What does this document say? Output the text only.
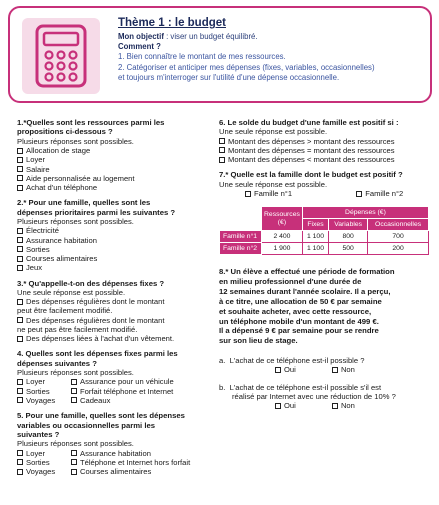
Thème 1 : le budget
Mon objectif : viser un budget équilibré.
Comment ?
1. Bien connaître le montant de mes ressources.
2. Catégoriser et anticiper mes dépenses (fixes, variables, occasionnelles)
et toujours m'interroger sur l'utilité d'une dépense occasionnelle.
1.*Quelles sont les ressources parmi les
propositions ci-dessous ?
Plusieurs réponses sont possibles.
Allocation de stage
Loyer
Salaire
Aide personnalisée au logement
Achat d'un téléphone
2.* Pour une famille, quelles sont les
dépenses prioritaires parmi les suivantes ?
Plusieurs réponses sont possibles.
Électricité
Assurance habitation
Sorties
Courses alimentaires
Jeux
3.* Qu'appelle-t-on des dépenses fixes ?
Une seule réponse est possible.
Des dépenses régulières dont le montant
peut être facilement modifié.
Des dépenses régulières dont le montant
ne peut pas être facilement modifié.
Des dépenses liées à l'achat d'un vêtement.
4. Quelles sont les dépenses fixes parmi les
dépenses suivantes ?
Plusieurs réponses sont possibles.
Loyer	Assurance pour un véhicule
Sorties	Forfait téléphone et Internet
Voyages	Cadeaux
5. Pour une famille, quelles sont les dépenses
variables ou occasionnelles parmi les
suivantes ?
Plusieurs réponses sont possibles.
Loyer	Assurance habitation
Sorties	Téléphone et Internet hors forfait
Voyages	Courses alimentaires
6. Le solde du budget d'une famille est positif si :
Une seule réponse est possible.
Montant des dépenses > montant des ressources
Montant des dépenses = montant des ressources
Montant des dépenses < montant des ressources
7.* Quelle est la famille dont le budget est positif ?
Une seule réponse est possible.
Famille n°1	Famille n°2

	Ressources
(€)	Dépenses (€)		
		Fixes	Variables	Occasionnelles
Famille n°1	2 400	1 100	800	700
Famille n°2	1 900	1 100	500	200
8.* Un élève a effectué une période de formation
en milieu professionnel d'une durée de
12 semaines durant l'année scolaire. Il a perçu,
à ce titre, une allocation de 50 € par semaine
et souhaite acheter, avec cette ressource,
un téléphone mobile d'un montant de 499 €.
Il a dépensé 9 € par semaine pour se rendre
sur son lieu de stage.
a. L'achat de ce téléphone est-il possible ?
Oui	Non
b. L'achat de ce téléphone est-il possible s'il est
réalisé par Internet avec une réduction de 10% ?
Oui	Non
